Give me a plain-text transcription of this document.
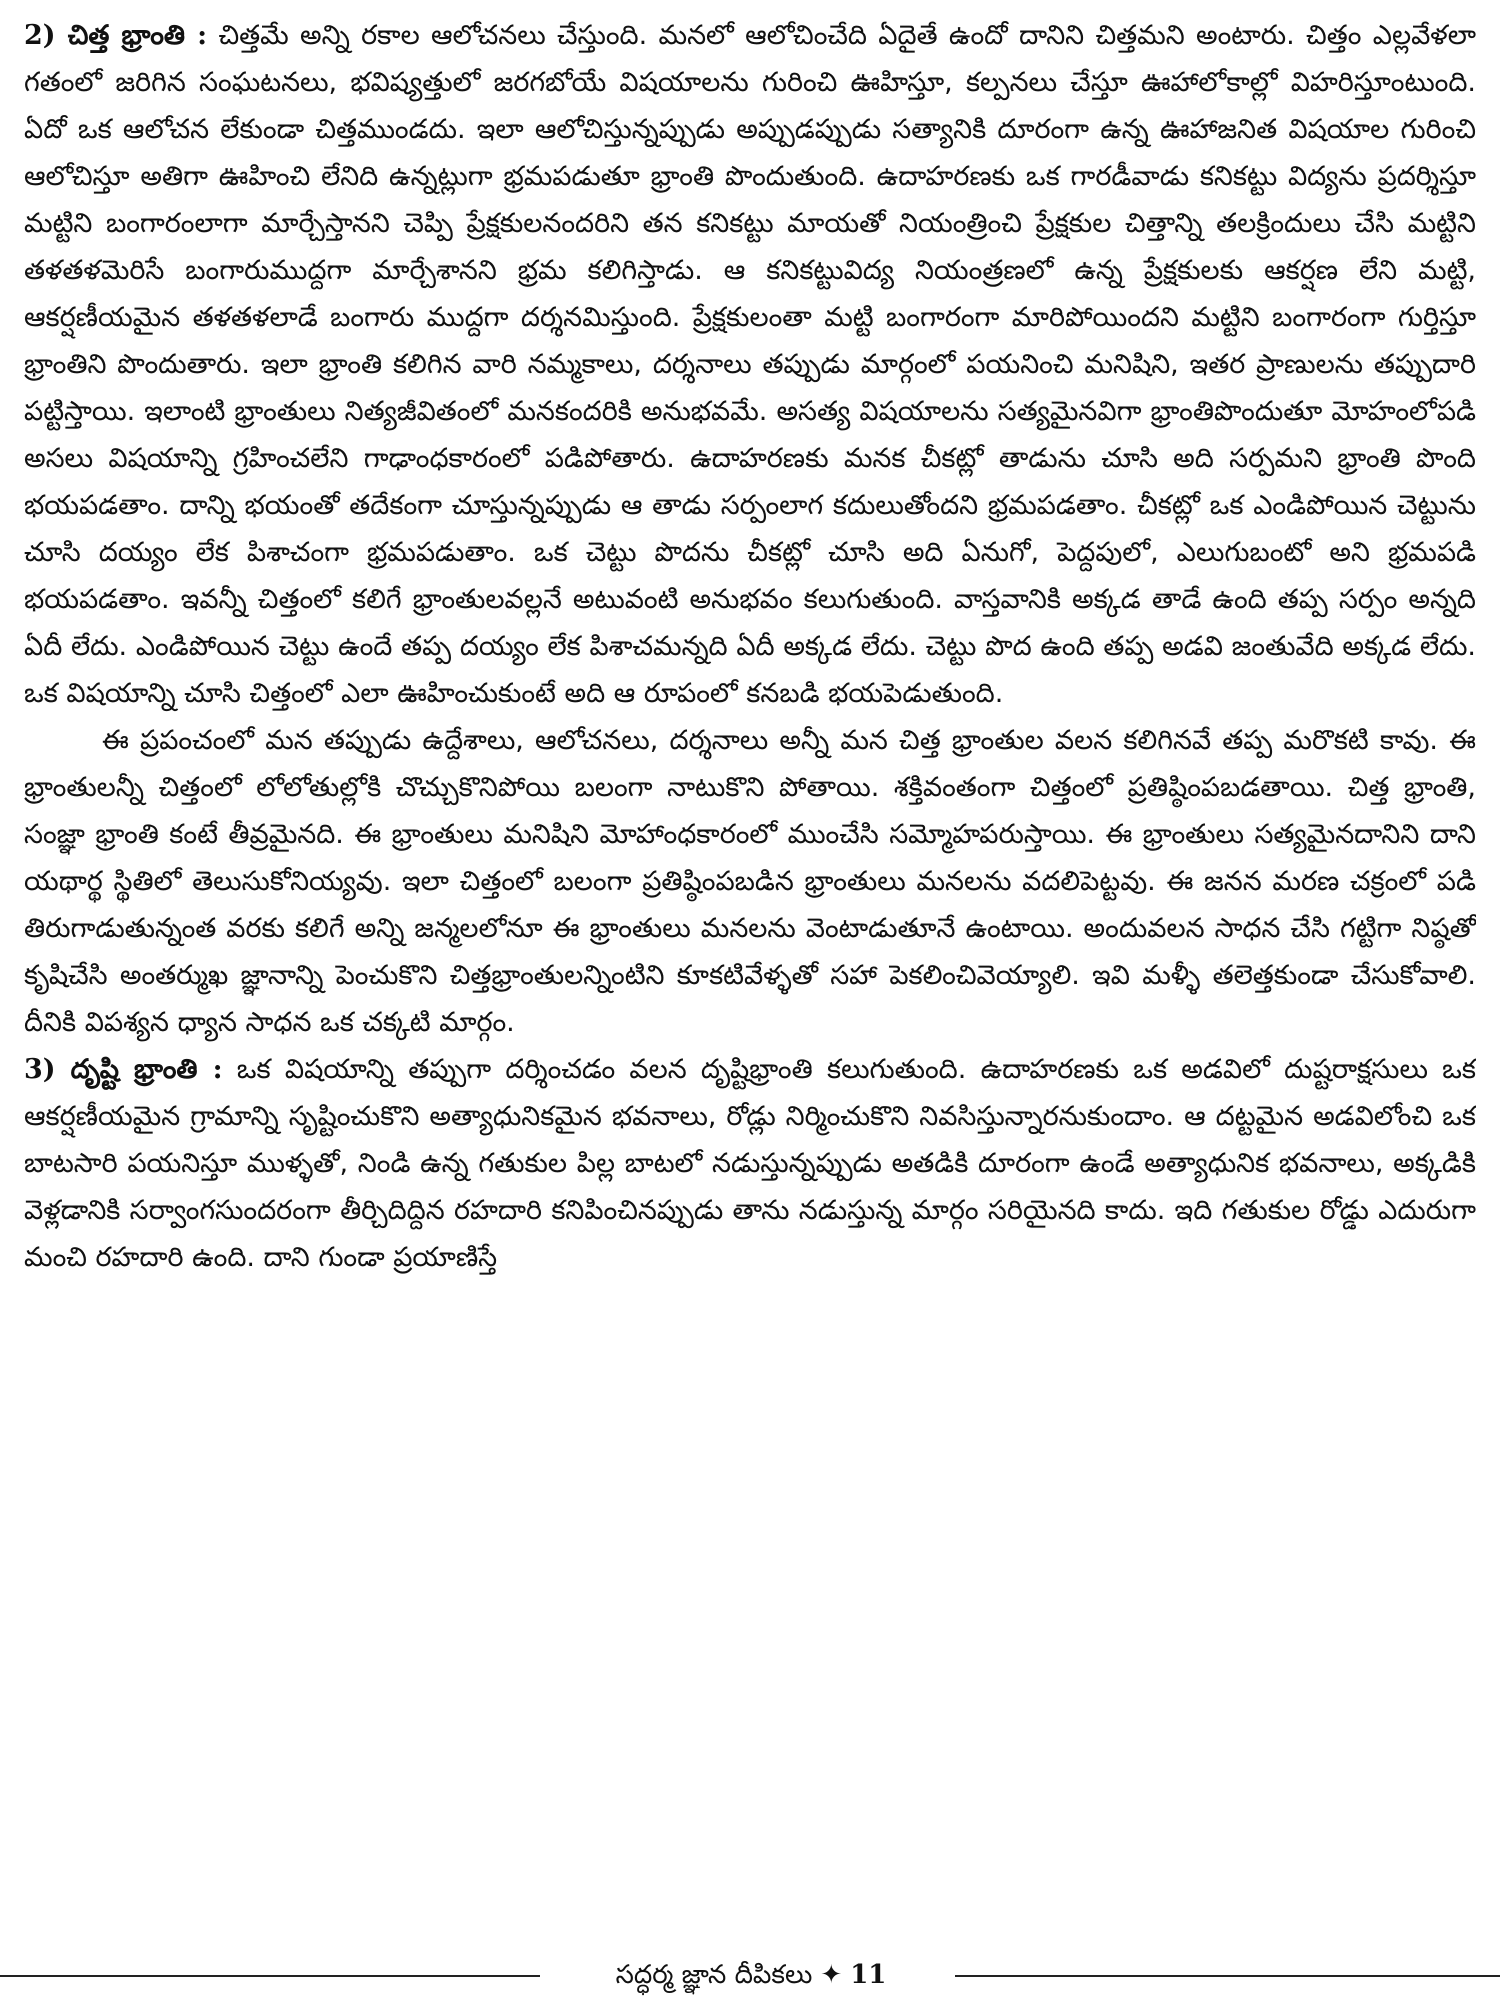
2) చిత్త భ్రాంతి : చిత్తమే అన్ని రకాల ఆలోచనలు చేస్తుంది. మనలో ఆలోచించేది ఏదైతే ఉందో దానిని చిత్తమని అంటారు. చిత్తం ఎల్లవేళలా గతంలో జరిగిన సంఘటనలు, భవిష్యత్తులో జరగబోయే విషయాలను గురించి ఊహిస్తూ, కల్పనలు చేస్తూ ఊహాలోకాల్లో విహరిస్తూంటుంది. ఏదో ఒక ఆలోచన లేకుండా చిత్తముండదు. ఇలా ఆలోచిస్తున్నప్పుడు అప్పుడప్పుడు సత్యానికి దూరంగా ఉన్న ఊహాజనిత విషయాల గురించి ఆలోచిస్తూ అతిగా ఊహించి లేనిది ఉన్నట్లుగా భ్రమపడుతూ భ్రాంతి పొందుతుంది. ఉదాహరణకు ఒక గారడీవాడు కనికట్టు విద్యను ప్రదర్శిస్తూ మట్టిని బంగారంలాగా మార్చేస్తానని చెప్పి ప్రేక్షకులనందరిని తన కనికట్టు మాయతో నియంత్రించి ప్రేక్షకుల చిత్తాన్ని తలక్రిందులు చేసి మట్టిని తళతళమెరిసే బంగారుముద్దగా మార్చేశానని భ్రమ కలిగిస్తాడు. ఆ కనికట్టువిద్య నియంత్రణలో ఉన్న ప్రేక్షకులకు ఆకర్షణ లేని మట్టి, ఆకర్షణీయమైన తళతళలాడే బంగారు ముద్దగా దర్శనమిస్తుంది. ప్రేక్షకులంతా మట్టి బంగారంగా మారిపోయిందని మట్టిని బంగారంగా గుర్తిస్తూ భ్రాంతిని పొందుతారు. ఇలా భ్రాంతి కలిగిన వారి నమ్మకాలు, దర్శనాలు తప్పుడు మార్గంలో పయనించి మనిషిని, ఇతర ప్రాణులను తప్పుదారి పట్టిస్తాయి. ఇలాంటి భ్రాంతులు నిత్యజీవితంలో మనకందరికి అనుభవమే. అసత్య విషయాలను సత్యమైనవిగా భ్రాంతిపొందుతూ మోహంలోపడి అసలు విషయాన్ని గ్రహించలేని గాఢాంధకారంలో పడిపోతారు. ఉదాహరణకు మనక చీకట్లో తాడును చూసి అది సర్పమని భ్రాంతి పొంది భయపడతాం. దాన్ని భయంతో తదేకంగా చూస్తున్నప్పుడు ఆ తాడు సర్పంలాగ కదులుతోందని భ్రమపడతాం. చీకట్లో ఒక ఎండిపోయిన చెట్టును చూసి దయ్యం లేక పిశాచంగా భ్రమపడుతాం. ఒక చెట్టు పొదను చీకట్లో చూసి అది ఏనుగో, పెద్దపులో, ఎలుగుబంటో అని భ్రమపడి భయపడతాం. ఇవన్నీ చిత్తంలో కలిగే భ్రాంతులవల్లనే అటువంటి అనుభవం కలుగుతుంది. వాస్తవానికి అక్కడ తాడే ఉంది తప్ప సర్పం అన్నది ఏదీ లేదు. ఎండిపోయిన చెట్టు ఉందే తప్ప దయ్యం లేక పిశాచమన్నది ఏదీ అక్కడ లేదు. చెట్టు పొద ఉంది తప్ప అడవి జంతువేది అక్కడ లేదు. ఒక విషయాన్ని చూసి చిత్తంలో ఎలా ఊహించుకుంటే అది ఆ రూపంలో కనబడి భయపెడుతుంది.

ఈ ప్రపంచంలో మన తప్పుడు ఉద్దేశాలు, ఆలోచనలు, దర్శనాలు అన్నీ మన చిత్త భ్రాంతుల వలన కలిగినవే తప్ప మరొకటి కావు. ఈ భ్రాంతులన్నీ చిత్తంలో లోలోతుల్లోకి చొచ్చుకొనిపోయి బలంగా నాటుకొని పోతాయి. శక్తివంతంగా చిత్తంలో ప్రతిష్ఠింపబడతాయి. చిత్త భ్రాంతి, సంజ్ఞా భ్రాంతి కంటే తీవ్రమైనది. ఈ భ్రాంతులు మనిషిని మోహాంధకారంలో ముంచేసి సమ్మోహపరుస్తాయి. ఈ భ్రాంతులు సత్యమైనదానిని దాని యథార్థ స్థితిలో తెలుసుకోనియ్యవు. ఇలా చిత్తంలో బలంగా ప్రతిష్ఠింపబడిన భ్రాంతులు మనలను వదలిపెట్టవు. ఈ జనన మరణ చక్రంలో పడి తిరుగాడుతున్నంత వరకు కలిగే అన్ని జన్మలలోనూ ఈ భ్రాంతులు మనలను వెంటాడుతూనే ఉంటాయి. అందువలన సాధన చేసి గట్టిగా నిష్ఠతో కృషిచేసి అంతర్ముఖ జ్ఞానాన్ని పెంచుకొని చిత్తభ్రాంతులన్నింటిని కూకటివేళ్ళతో సహా పెకలించివెయ్యాలి. ఇవి మళ్ళీ తలెత్తకుండా చేసుకోవాలి. దీనికి విపశ్యన ధ్యాన సాధన ఒక చక్కటి మార్గం.

3) దృష్టి భ్రాంతి : ఒక విషయాన్ని తప్పుగా దర్శించడం వలన దృష్టిభ్రాంతి కలుగుతుంది. ఉదాహరణకు ఒక అడవిలో దుష్టరాక్షసులు ఒక ఆకర్షణీయమైన గ్రామాన్ని సృష్టించుకొని అత్యాధునికమైన భవనాలు, రోడ్లు నిర్మించుకొని నివసిస్తున్నారనుకుందాం. ఆ దట్టమైన అడవిలోంచి ఒక బాటసారి పయనిస్తూ ముళ్ళతో, నిండి ఉన్న గతుకుల పిల్ల బాటలో నడుస్తున్నప్పుడు అతడికి దూరంగా ఉండే అత్యాధునిక భవనాలు, అక్కడికి వెళ్లడానికి సర్వాంగసుందరంగా తీర్చిదిద్దిన రహదారి కనిపించినప్పుడు తాను నడుస్తున్న మార్గం సరియైనది కాదు. ఇది గతుకుల రోడ్డు ఎదురుగా మంచి రహదారి ఉంది. దాని గుండా ప్రయాణిస్తే

సద్ధర్మ జ్ఞాన దీపికలు ✦ 11
